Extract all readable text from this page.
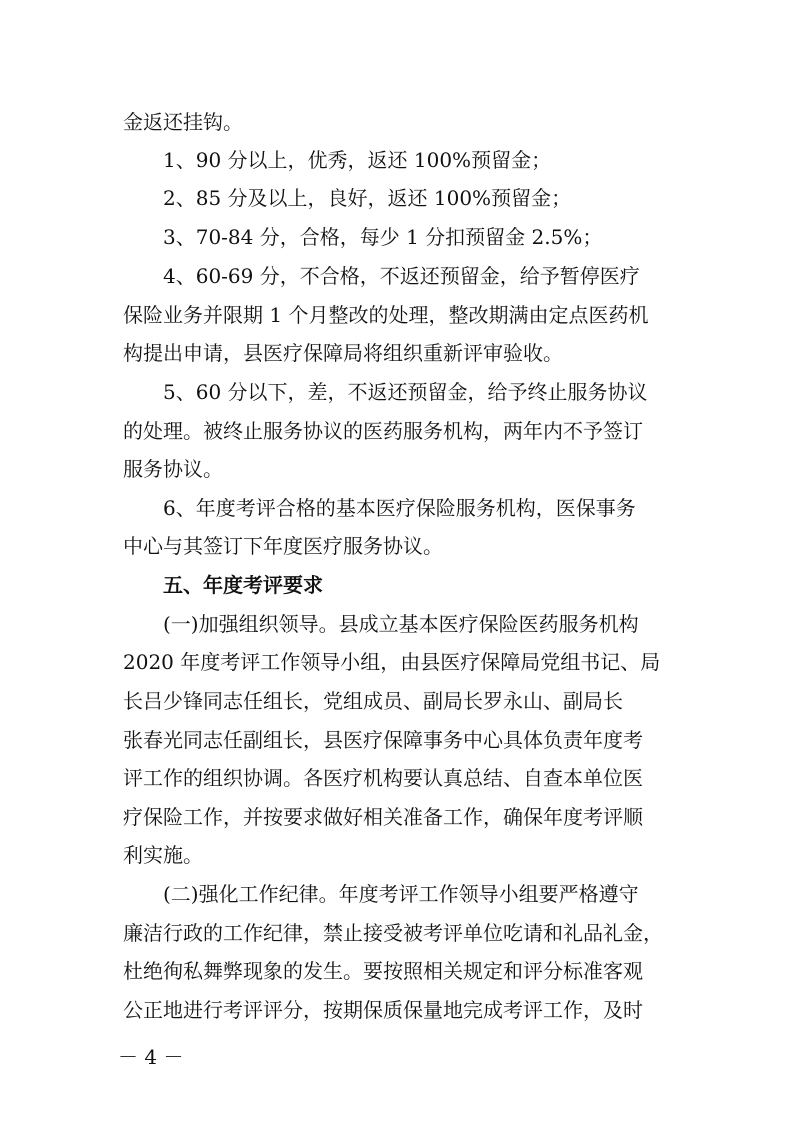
金返还挂钩。
1、90 分以上，优秀，返还 100%预留金；
2、85 分及以上，良好，返还 100%预留金；
3、70-84 分，合格，每少 1 分扣预留金 2.5%；
4、60-69 分，不合格，不返还预留金，给予暂停医疗
保险业务并限期 1 个月整改的处理，整改期满由定点医药机
构提出申请，县医疗保障局将组织重新评审验收。
5、60 分以下，差，不返还预留金，给予终止服务协议
的处理。被终止服务协议的医药服务机构，两年内不予签订
服务协议。
6、年度考评合格的基本医疗保险服务机构，医保事务
中心与其签订下年度医疗服务协议。
五、年度考评要求
(一)加强组织领导。县成立基本医疗保险医药服务机构
2020 年度考评工作领导小组，由县医疗保障局党组书记、局
长吕少锋同志任组长，党组成员、副局长罗永山、副局长
张春光同志任副组长，县医疗保障事务中心具体负责年度考
评工作的组织协调。各医疗机构要认真总结、自查本单位医
疗保险工作，并按要求做好相关准备工作，确保年度考评顺
利实施。
(二)强化工作纪律。年度考评工作领导小组要严格遵守
廉洁行政的工作纪律，禁止接受被考评单位吃请和礼品礼金，
杜绝徇私舞弊现象的发生。要按照相关规定和评分标准客观
公正地进行考评评分，按期保质保量地完成考评工作，及时
－ 4 －
